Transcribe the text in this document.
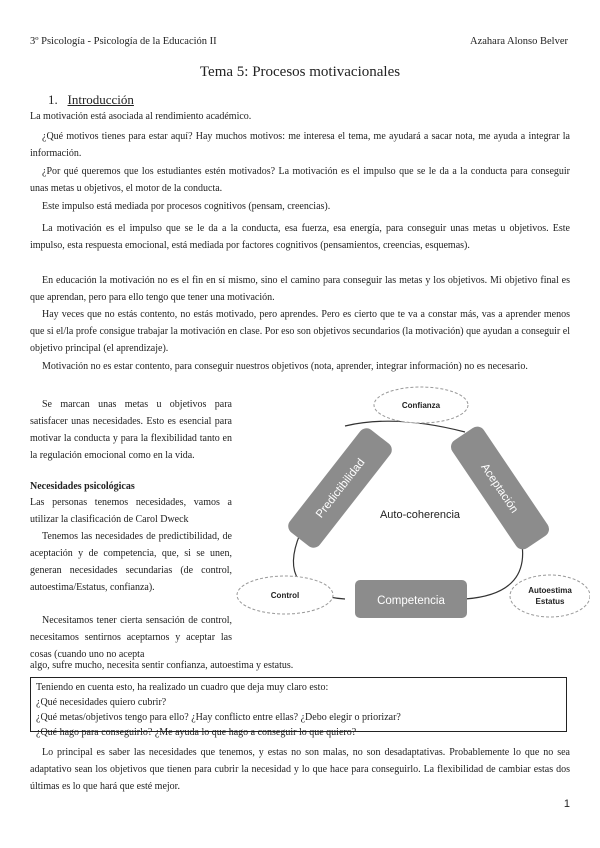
3º Psicología - Psicología de la Educación II	Azahara Alonso Belver
Tema 5: Procesos motivacionales
1. Introducción

La motivación está asociada al rendimiento académico.

¿Qué motivos tienes para estar aquí? Hay muchos motivos: me interesa el tema, me ayudará a sacar nota, me ayuda a integrar la información.

¿Por qué queremos que los estudiantes estén motivados? La motivación es el impulso que se le da a la conducta para conseguir unas metas u objetivos, el motor de la conducta.

Este impulso está mediada por procesos cognitivos (pensam, creencias).

La motivación es el impulso que se le da a la conducta, esa fuerza, esa energía, para conseguir unas metas u objetivos. Este impulso, esta respuesta emocional, está mediada por factores cognitivos (pensamientos, creencias, esquemas).

En educación la motivación no es el fin en sí mismo, sino el camino para conseguir las metas y los objetivos. Mi objetivo final es que aprendan, pero para ello tengo que tener una motivación.

Hay veces que no estás contento, no estás motivado, pero aprendes. Pero es cierto que te va a constar más, vas a aprender menos que si el/la profe consigue trabajar la motivación en clase. Por eso son objetivos secundarios (la motivación) que ayudan a conseguir el objetivo principal (el aprendizaje).

Motivación no es estar contento, para conseguir nuestros objetivos (nota, aprender, integrar información) no es necesario.

Se marcan unas metas u objetivos para satisfacer unas necesidades. Esto es esencial para motivar la conducta y para la flexibilidad tanto en la regulación emocional como en la vida.

Necesidades psicológicas

Las personas tenemos necesidades, vamos a utilizar la clasificación de Carol Dweck

Tenemos las necesidades de predictibilidad, de aceptación y de competencia, que, si se unen, generan necesidades secundarias (de control, autoestima/Estatus, confianza).

Necesitamos tener cierta sensación de control, necesitamos sentirnos aceptarnos y aceptar las cosas (cuando uno no acepta

algo, sufre mucho, necesita sentir confianza, autoestima y estatus.

Predictibilidad	Aceptación
Competencia
Auto-coherencia
Confianza
Control
Autoestima
Estatus
Teniendo en cuenta esto, ha realizado un cuadro que deja muy claro esto:
¿Qué necesidades quiero cubrir?
¿Qué metas/objetivos tengo para ello? ¿Hay conflicto entre ellas? ¿Debo elegir o priorizar?
¿Qué hago para conseguirlo? ¿Me ayuda lo que hago a conseguir lo que quiero?

Lo principal es saber las necesidades que tenemos, y estas no son malas, no son desadaptativas. Probablemente lo que no sea adaptativo sean los objetivos que tienen para cubrir la necesidad y lo que hace para conseguirlo. La flexibilidad de cambiar estas dos últimas es lo que hará que esté mejor.

1
